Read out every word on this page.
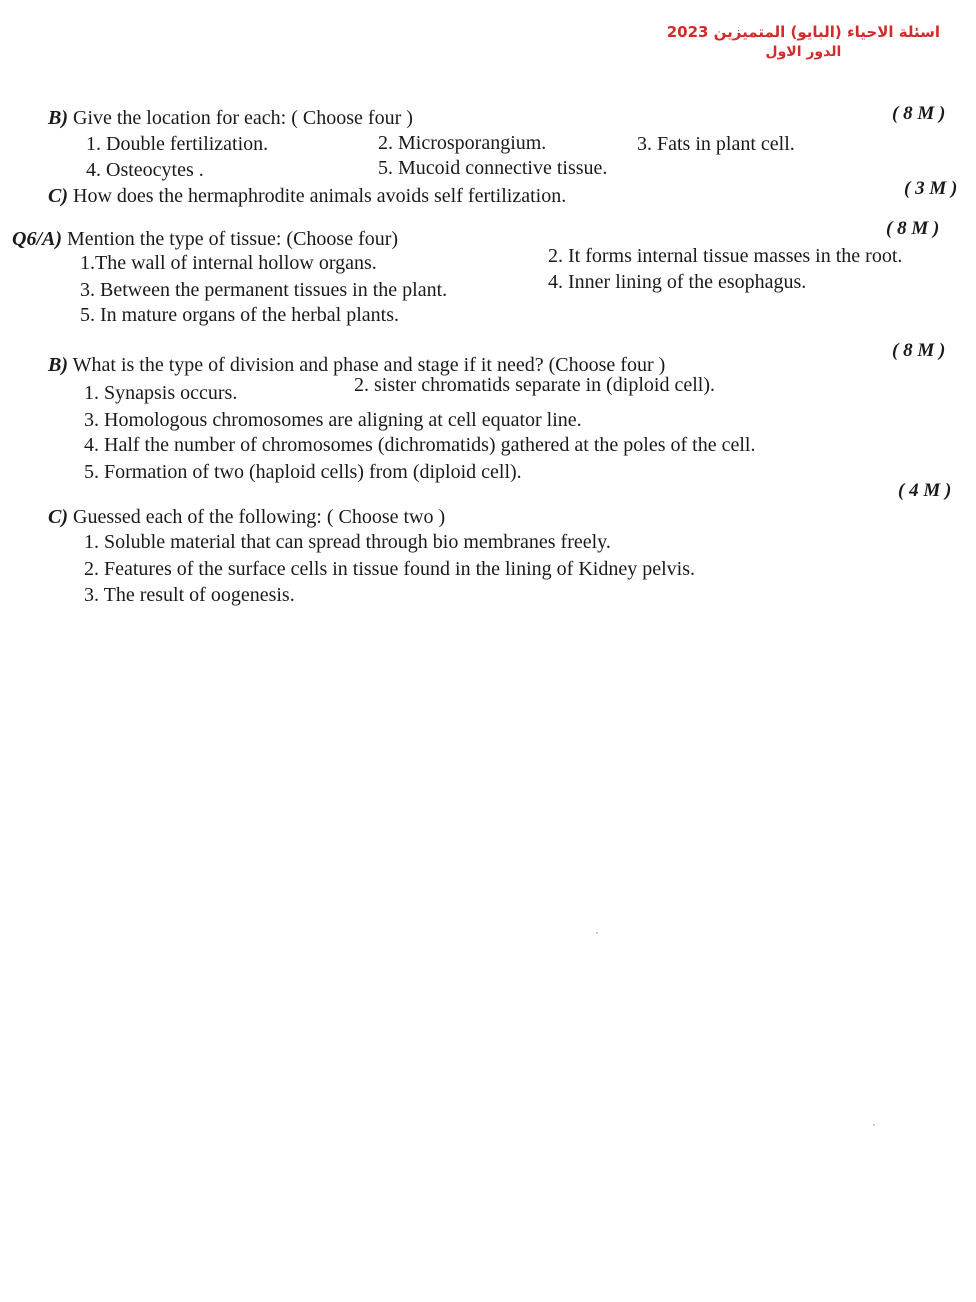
اسئلة الاحياء (البايو) المتميزين 2023
الدور الاول
B) Give the location for each: ( Choose four )	( 8 M )
1. Double fertilization.	2. Microsporangium.	3. Fats in plant cell.
4. Osteocytes .	5. Mucoid connective tissue.
C) How does the hermaphrodite animals avoids self fertilization.	( 3 M )
Q6/A) Mention the type of tissue: (Choose four)	( 8 M )
1.The wall of internal hollow organs.	2. It forms internal tissue masses in the root.
3. Between the permanent tissues in the plant.	4. Inner lining of the esophagus.
5. In mature organs of the herbal plants.
B) What is the type of division and phase and stage if it need? (Choose four )
( 8 M )
1. Synapsis occurs.	2. sister chromatids separate in (diploid cell).
3. Homologous chromosomes are aligning at cell equator line.
4. Half the number of chromosomes (dichromatids) gathered at the poles of the cell.
5. Formation of two (haploid cells) from (diploid cell).
C) Guessed each of the following: ( Choose two )
( 4 M )
1. Soluble material that can spread through bio membranes freely.
2. Features of the surface cells in tissue found in the lining of Kidney pelvis.
3. The result of oogenesis.
